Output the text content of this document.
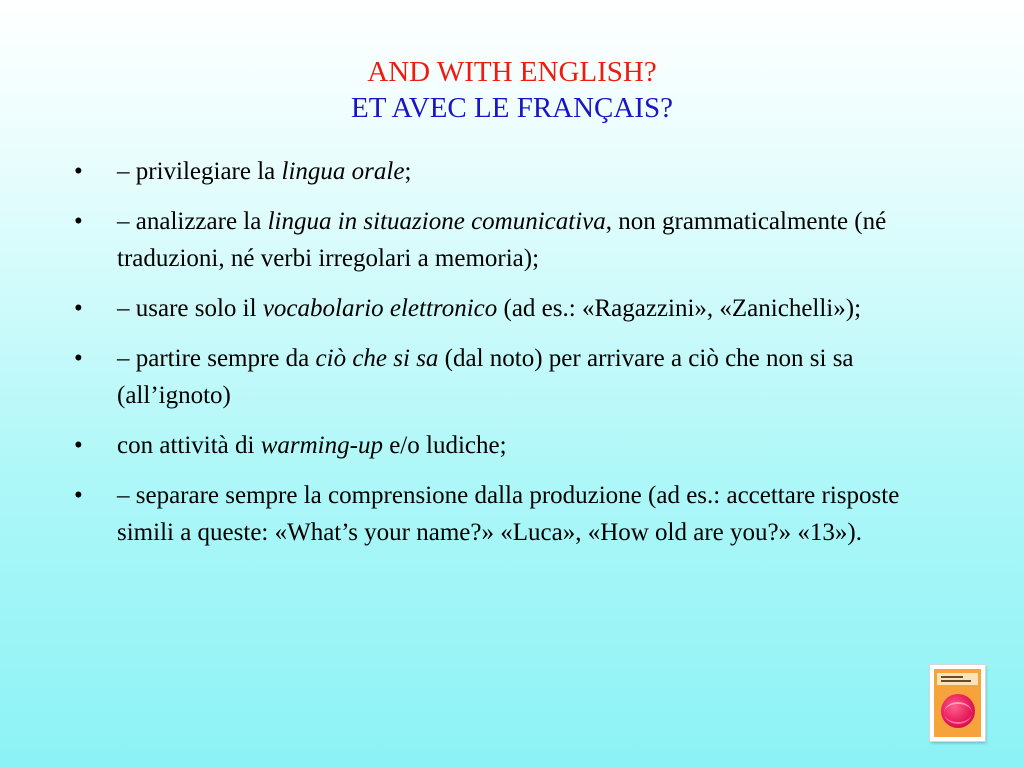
AND WITH ENGLISH?
ET AVEC LE FRANÇAIS?
• – privilegiare la lingua orale;
• – analizzare la lingua in situazione comunicativa, non grammaticalmente (né traduzioni, né verbi irregolari a memoria);
• – usare solo il vocabolario elettronico (ad es.: «Ragazzini», «Zanichelli»);
• – partire sempre da ciò che si sa (dal noto) per arrivare a ciò che non si sa (all’ignoto)
• con attività di warming-up e/o ludiche;
• – separare sempre la comprensione dalla produzione (ad es.: accettare risposte simili a queste: «What’s your name?» «Luca», «How old are you?» «13»).
